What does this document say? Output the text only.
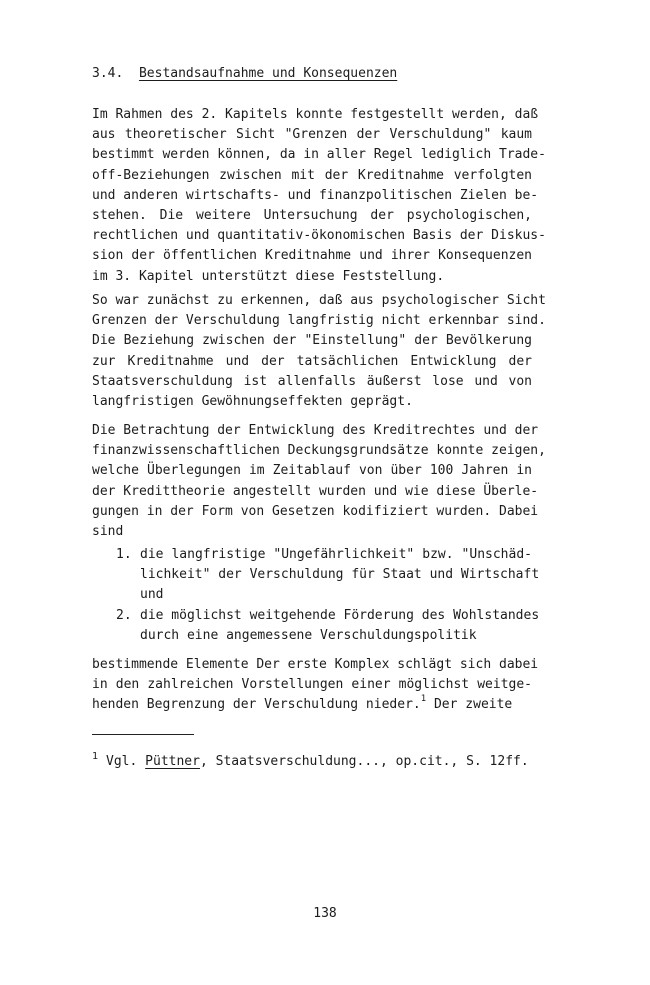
3.4. Bestandsaufnahme und Konsequenzen
Im Rahmen des 2. Kapitels konnte festgestellt werden, daß
aus theoretischer Sicht "Grenzen der Verschuldung" kaum
bestimmt werden können, da in aller Regel lediglich Trade-
off-Beziehungen zwischen mit der Kreditnahme verfolgten
und anderen wirtschafts- und finanzpolitischen Zielen be-
stehen. Die weitere Untersuchung der psychologischen,
rechtlichen und quantitativ-ökonomischen Basis der Diskus-
sion der öffentlichen Kreditnahme und ihrer Konsequenzen
im 3. Kapitel unterstützt diese Feststellung.
So war zunächst zu erkennen, daß aus psychologischer Sicht
Grenzen der Verschuldung langfristig nicht erkennbar sind.
Die Beziehung zwischen der "Einstellung" der Bevölkerung
zur Kreditnahme und der tatsächlichen Entwicklung der
Staatsverschuldung ist allenfalls äußerst lose und von
langfristigen Gewöhnungseffekten geprägt.
Die Betrachtung der Entwicklung des Kreditrechtes und der
finanzwissenschaftlichen Deckungsgrundsätze konnte zeigen,
welche Überlegungen im Zeitablauf von über 100 Jahren in
der Kredittheorie angestellt wurden und wie diese Überle-
gungen in der Form von Gesetzen kodifiziert wurden. Dabei
sind
1. die langfristige "Ungefährlichkeit" bzw. "Unschäd-
lichkeit" der Verschuldung für Staat und Wirtschaft
und
2. die möglichst weitgehende Förderung des Wohlstandes
durch eine angemessene Verschuldungspolitik
bestimmende Elemente Der erste Komplex schlägt sich dabei
in den zahlreichen Vorstellungen einer möglichst weitge-
henden Begrenzung der Verschuldung nieder.$^1$ Der zweite
$^1$ Vgl. Püttner, Staatsverschuldung..., op.cit., S. 12ff.
138
